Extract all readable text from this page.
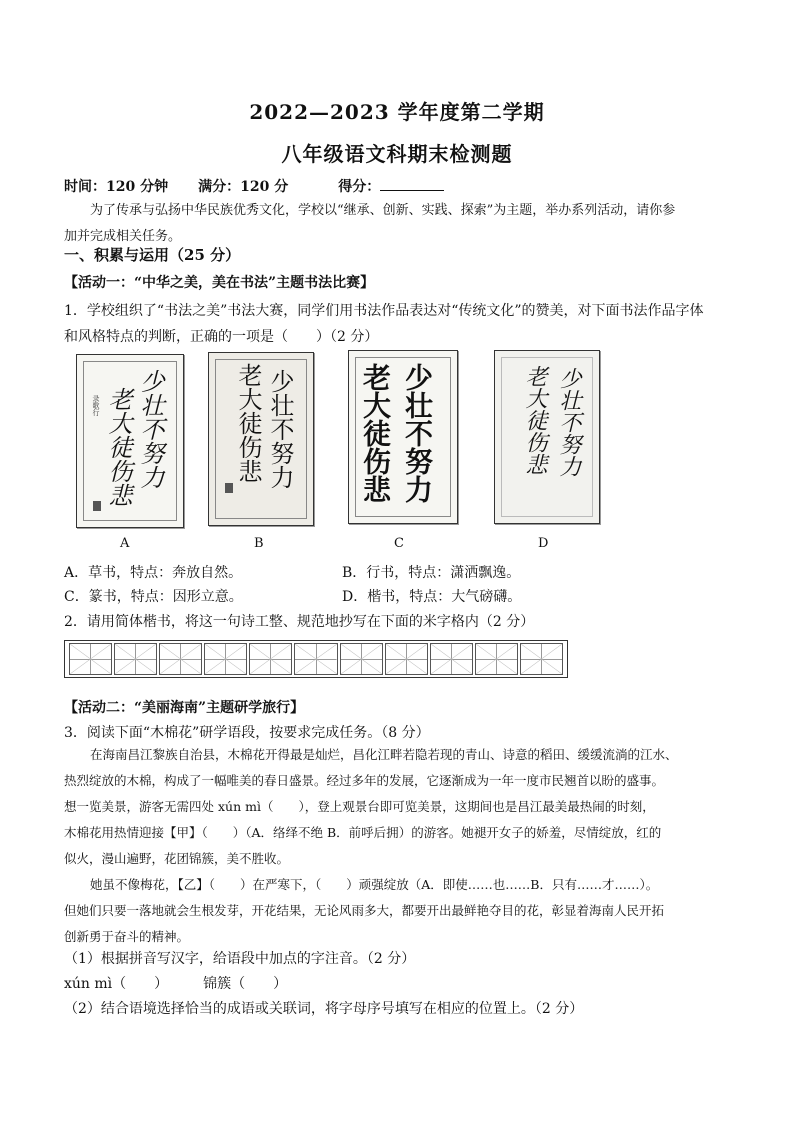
2022—2023 学年度第二学期
八年级语文科期末检测题
时间：120 分钟 满分：120 分	得分：
为了传承与弘扬中华民族优秀文化，学校以“继承、创新、实践、探索”为主题，举办系列活动，请你参
加并完成相关任务。
一、积累与运用（25 分）
【活动一：“中华之美，美在书法”主题书法比赛】
1．学校组织了“书法之美”书法大赛，同学们用书法作品表达对“传统文化”的赞美，对下面书法作品字体
和风格特点的判断，正确的一项是（　　）（2 分）
少壮不努力
老大徒伤悲
录歌行	少壮不努力
老大徒伤悲	少壮不努力
老大徒伤悲	少壮不努力
老大徒伤悲
A	B	C	D
A．草书，特点：奔放自然。	B．行书，特点：潇洒飘逸。
C．篆书，特点：因形立意。	D．楷书，特点：大气磅礴。
2．请用简体楷书，将这一句诗工整、规范地抄写在下面的米字格内（2 分）
【活动二：“美丽海南”主题研学旅行】
3．阅读下面“木棉花”研学语段，按要求完成任务。（8 分）
在海南昌江黎族自治县，木棉花开得最是灿烂，昌化江畔若隐若现的青山、诗意的稻田、缓缓流淌的江水、
热烈绽放的木棉，构成了一幅唯美的春日盛景。经过多年的发展，它逐渐成为一年一度市民翘首以盼的盛事。
想一览美景，游客无需四处 xún mì（　　），登上观景台即可览美景，这期间也是昌江最美最热闹的时刻，
木棉花用热情迎接【甲】（　　）（A．络绎不绝 B．前呼后拥）的游客。她褪开女子的娇羞，尽情绽放，红的
似火，漫山遍野，花团锦簇，美不胜收。
她虽不像梅花，【乙】（　　）在严寒下，（　　）顽强绽放（A．即使……也……B．只有……才……）。
但她们只要一落地就会生根发芽，开花结果，无论风雨多大，都要开出最鲜艳夺目的花，彰显着海南人民开拓
创新勇于奋斗的精神。
（1）根据拼音写汉字，给语段中加点的字注音。（2 分）
xún mì（　　）　　　锦簇（　　）
（2）结合语境选择恰当的成语或关联词，将字母序号填写在相应的位置上。（2 分）
